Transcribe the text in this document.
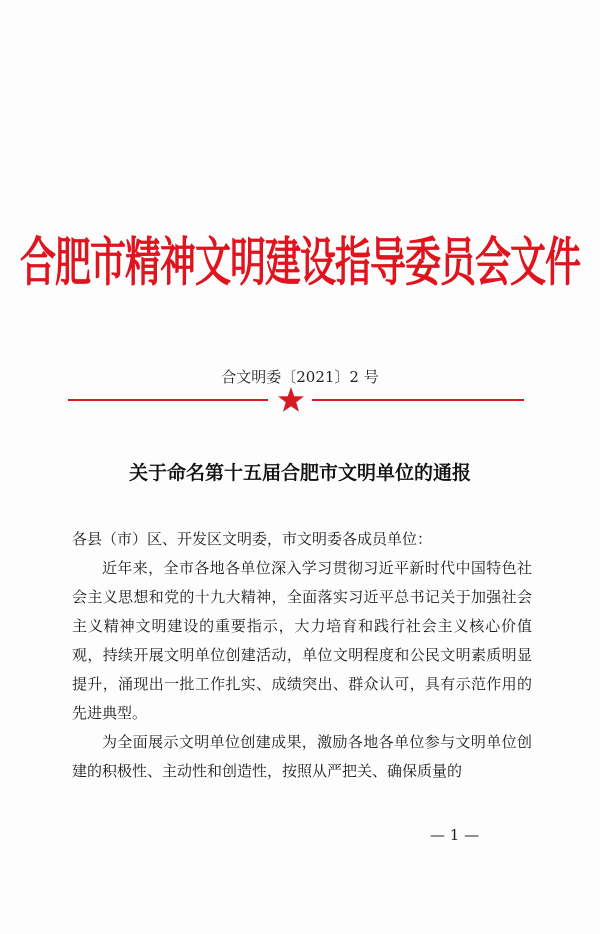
合肥市精神文明建设指导委员会文件
合文明委〔2021〕2 号
关于命名第十五届合肥市文明单位的通报

各县（市）区、开发区文明委，市文明委各成员单位：

近年来，全市各地各单位深入学习贯彻习近平新时代中国特色社会主义思想和党的十九大精神，全面落实习近平总书记关于加强社会主义精神文明建设的重要指示，大力培育和践行社会主义核心价值观，持续开展文明单位创建活动，单位文明程度和公民文明素质明显提升，涌现出一批工作扎实、成绩突出、群众认可，具有示范作用的先进典型。

为全面展示文明单位创建成果，激励各地各单位参与文明单位创建的积极性、主动性和创造性，按照从严把关、确保质量的

— 1 —
